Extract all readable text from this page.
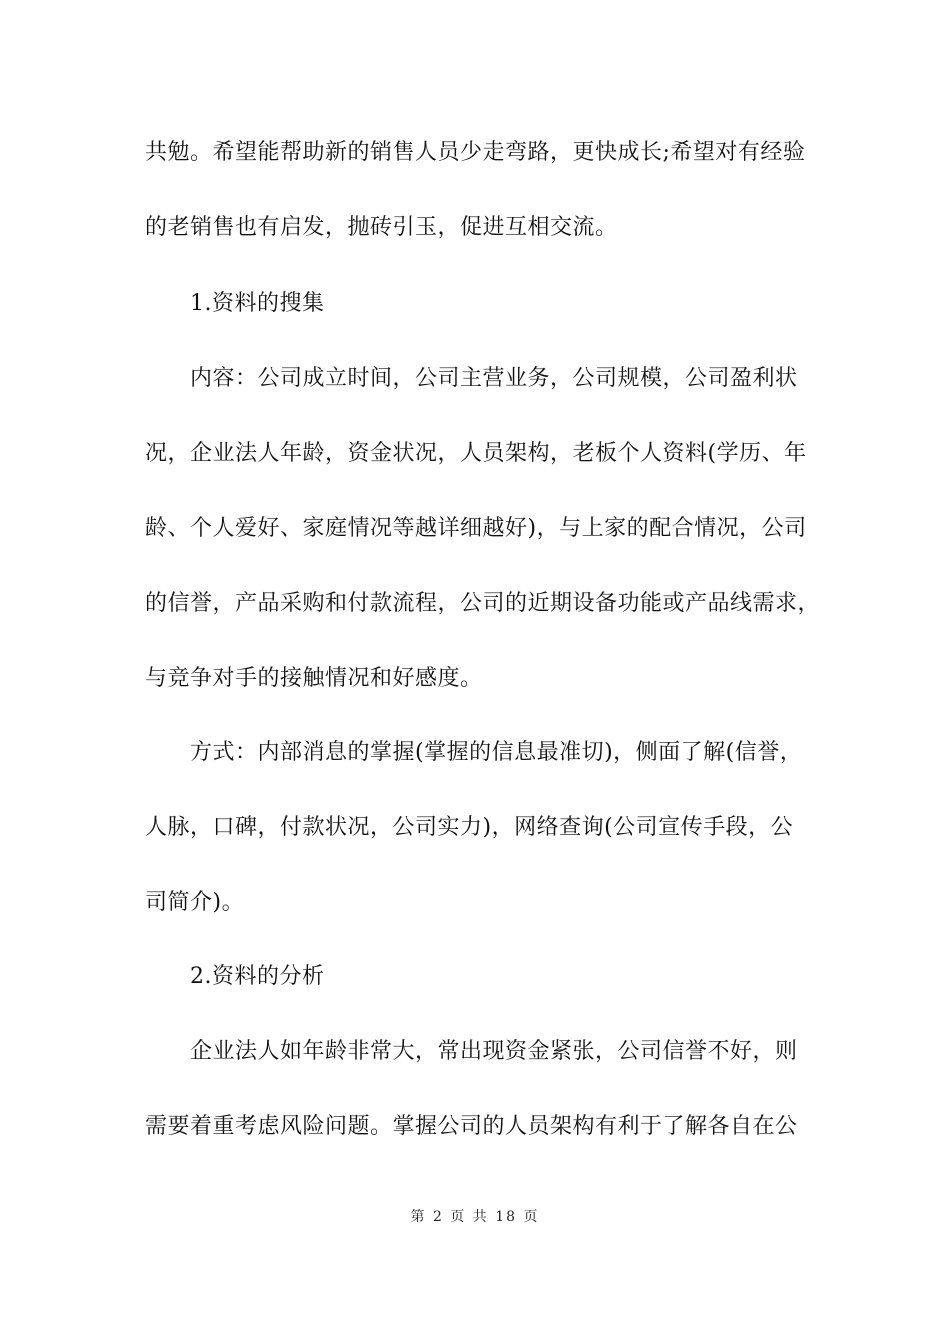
共勉。希望能帮助新的销售人员少走弯路，更快成长;希望对有经验
的老销售也有启发，抛砖引玉，促进互相交流。
1.资料的搜集
内容：公司成立时间，公司主营业务，公司规模，公司盈利状
况，企业法人年龄，资金状况，人员架构，老板个人资料(学历、年
龄、个人爱好、家庭情况等越详细越好)，与上家的配合情况，公司
的信誉，产品采购和付款流程，公司的近期设备功能或产品线需求，
与竞争对手的接触情况和好感度。
方式：内部消息的掌握(掌握的信息最准切)，侧面了解(信誉，
人脉，口碑，付款状况，公司实力)，网络查询(公司宣传手段，公
司简介)。
2.资料的分析
企业法人如年龄非常大，常出现资金紧张，公司信誉不好，则
需要着重考虑风险问题。掌握公司的人员架构有利于了解各自在公
第 2 页 共 18 页
